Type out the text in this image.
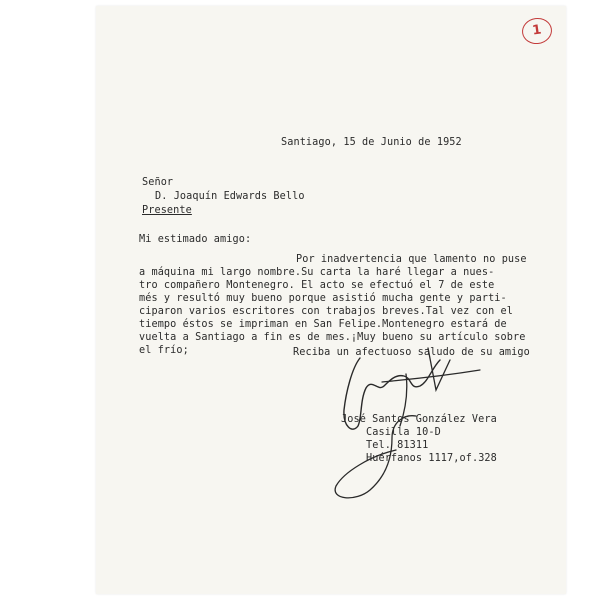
1
Santiago, 15 de Junio de 1952
Señor
D. Joaquín Edwards Bello
Presente
Mi estimado amigo:
Por inadvertencia que lamento no puse
a máquina mi largo nombre.Su carta la haré llegar a nues-
tro compañero Montenegro. El acto se efectuó el 7 de este
més y resultó muy bueno porque asistió mucha gente y parti-
ciparon varios escritores con trabajos breves.Tal vez con el
tiempo éstos se impriman en San Felipe.Montenegro estará de
vuelta a Santiago a fin es de mes.¡Muy bueno su artículo sobre
el frío;	Reciba un afectuoso saludo de su amigo
José Santos González Vera
Casilla 10-D
Tel. 81311
Huérfanos 1117,of.328
